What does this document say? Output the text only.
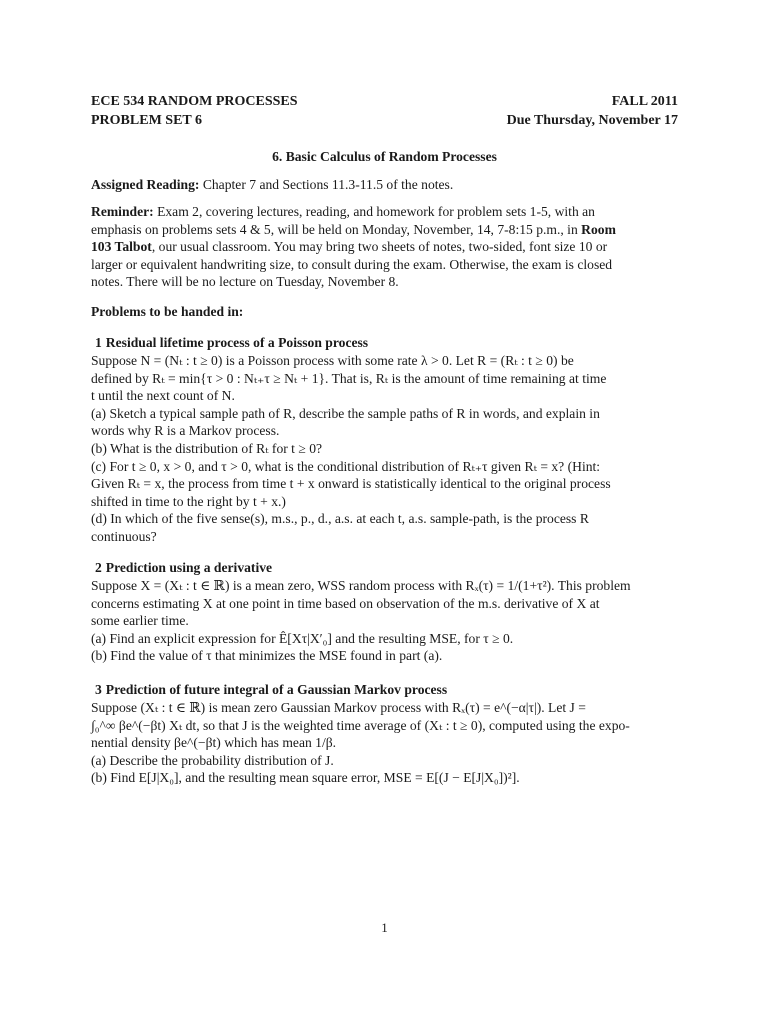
ECE 534 RANDOM PROCESSES	FALL 2011
PROBLEM SET 6	Due Thursday, November 17
6. Basic Calculus of Random Processes
Assigned Reading: Chapter 7 and Sections 11.3-11.5 of the notes.
Reminder: Exam 2, covering lectures, reading, and homework for problem sets 1-5, with an
emphasis on problems sets 4 & 5, will be held on Monday, November, 14, 7-8:15 p.m., in Room
103 Talbot, our usual classroom. You may bring two sheets of notes, two-sided, font size 10 or
larger or equivalent handwriting size, to consult during the exam. Otherwise, the exam is closed
notes. There will be no lecture on Tuesday, November 8.
Problems to be handed in:
1 Residual lifetime process of a Poisson process
Suppose N = (Nₜ : t ≥ 0) is a Poisson process with some rate λ > 0. Let R = (Rₜ : t ≥ 0) be
defined by Rₜ = min{τ > 0 : Nₜ₊τ ≥ Nₜ + 1}. That is, Rₜ is the amount of time remaining at time
t until the next count of N.
(a) Sketch a typical sample path of R, describe the sample paths of R in words, and explain in
words why R is a Markov process.
(b) What is the distribution of Rₜ for t ≥ 0?
(c) For t ≥ 0, x > 0, and τ > 0, what is the conditional distribution of Rₜ₊τ given Rₜ = x? (Hint:
Given Rₜ = x, the process from time t + x onward is statistically identical to the original process
shifted in time to the right by t + x.)
(d) In which of the five sense(s), m.s., p., d., a.s. at each t, a.s. sample-path, is the process R
continuous?
2 Prediction using a derivative
Suppose X = (Xₜ : t ∈ ℝ) is a mean zero, WSS random process with Rₓ(τ) = 1/(1+τ²). This problem
concerns estimating X at one point in time based on observation of the m.s. derivative of X at
some earlier time.
(a) Find an explicit expression for Ê[Xτ|X′₀] and the resulting MSE, for τ ≥ 0.
(b) Find the value of τ that minimizes the MSE found in part (a).
3 Prediction of future integral of a Gaussian Markov process
Suppose (Xₜ : t ∈ ℝ) is mean zero Gaussian Markov process with Rₓ(τ) = e^(−α|τ|). Let J =
∫₀^∞ βe^(−βt) Xₜ dt, so that J is the weighted time average of (Xₜ : t ≥ 0), computed using the expo-
nential density βe^(−βt) which has mean 1/β.
(a) Describe the probability distribution of J.
(b) Find E[J|X₀], and the resulting mean square error, MSE = E[(J − E[J|X₀])²].
1
